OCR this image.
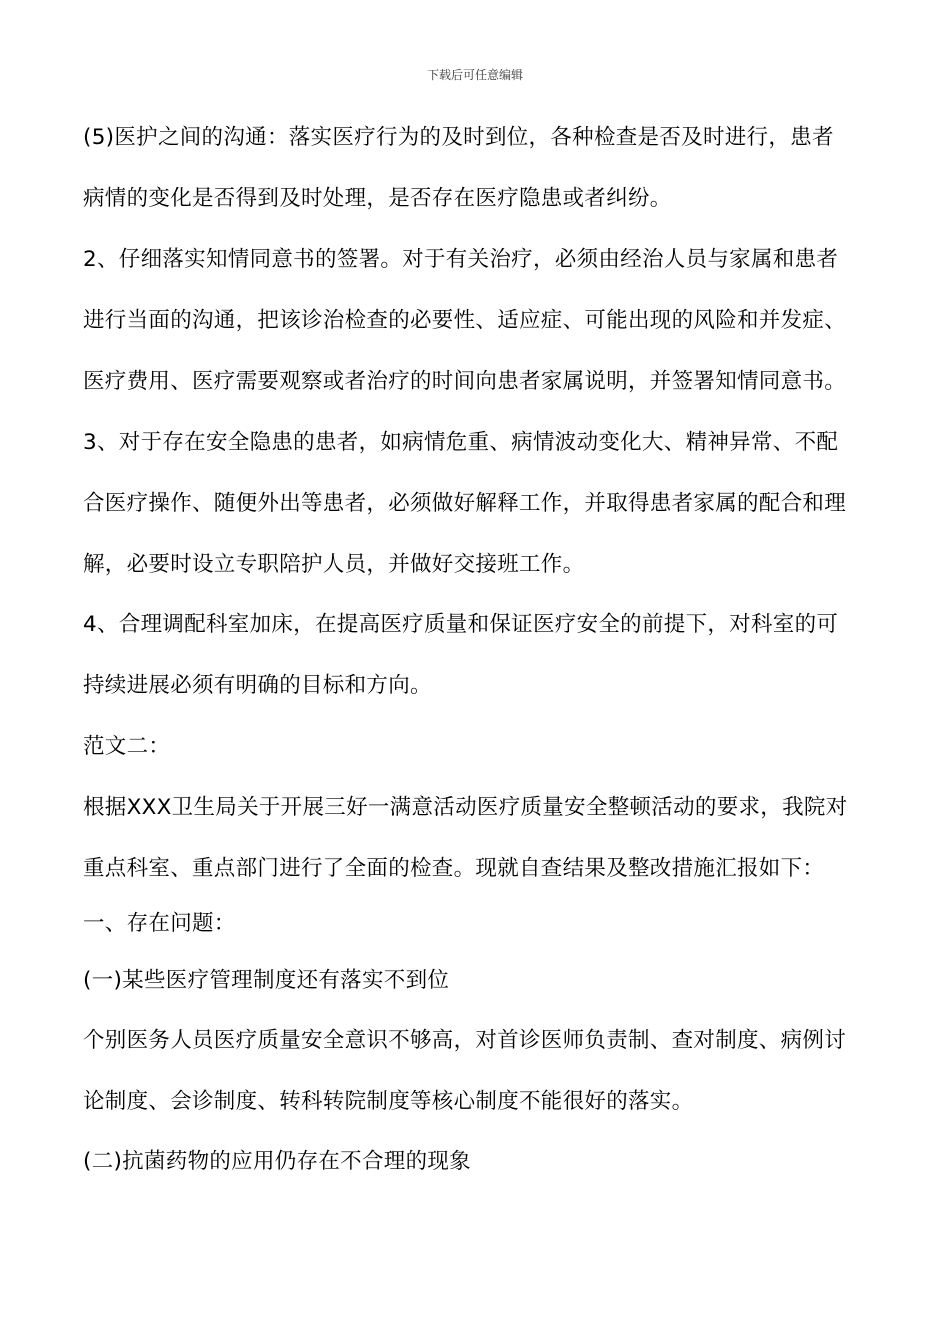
下载后可任意编辑
(5)医护之间的沟通：落实医疗行为的及时到位，各种检查是否及时进行，患者
病情的变化是否得到及时处理，是否存在医疗隐患或者纠纷。
2、仔细落实知情同意书的签署。对于有关治疗，必须由经治人员与家属和患者
进行当面的沟通，把该诊治检查的必要性、适应症、可能出现的风险和并发症、
医疗费用、医疗需要观察或者治疗的时间向患者家属说明，并签署知情同意书。
3、对于存在安全隐患的患者，如病情危重、病情波动变化大、精神异常、不配
合医疗操作、随便外出等患者，必须做好解释工作，并取得患者家属的配合和理
解，必要时设立专职陪护人员，并做好交接班工作。
4、合理调配科室加床，在提高医疗质量和保证医疗安全的前提下，对科室的可
持续进展必须有明确的目标和方向。
范文二：
根据XXX卫生局关于开展三好一满意活动医疗质量安全整顿活动的要求，我院对
重点科室、重点部门进行了全面的检查。现就自查结果及整改措施汇报如下：
一、存在问题：
(一)某些医疗管理制度还有落实不到位
个别医务人员医疗质量安全意识不够高，对首诊医师负责制、查对制度、病例讨
论制度、会诊制度、转科转院制度等核心制度不能很好的落实。
(二)抗菌药物的应用仍存在不合理的现象
